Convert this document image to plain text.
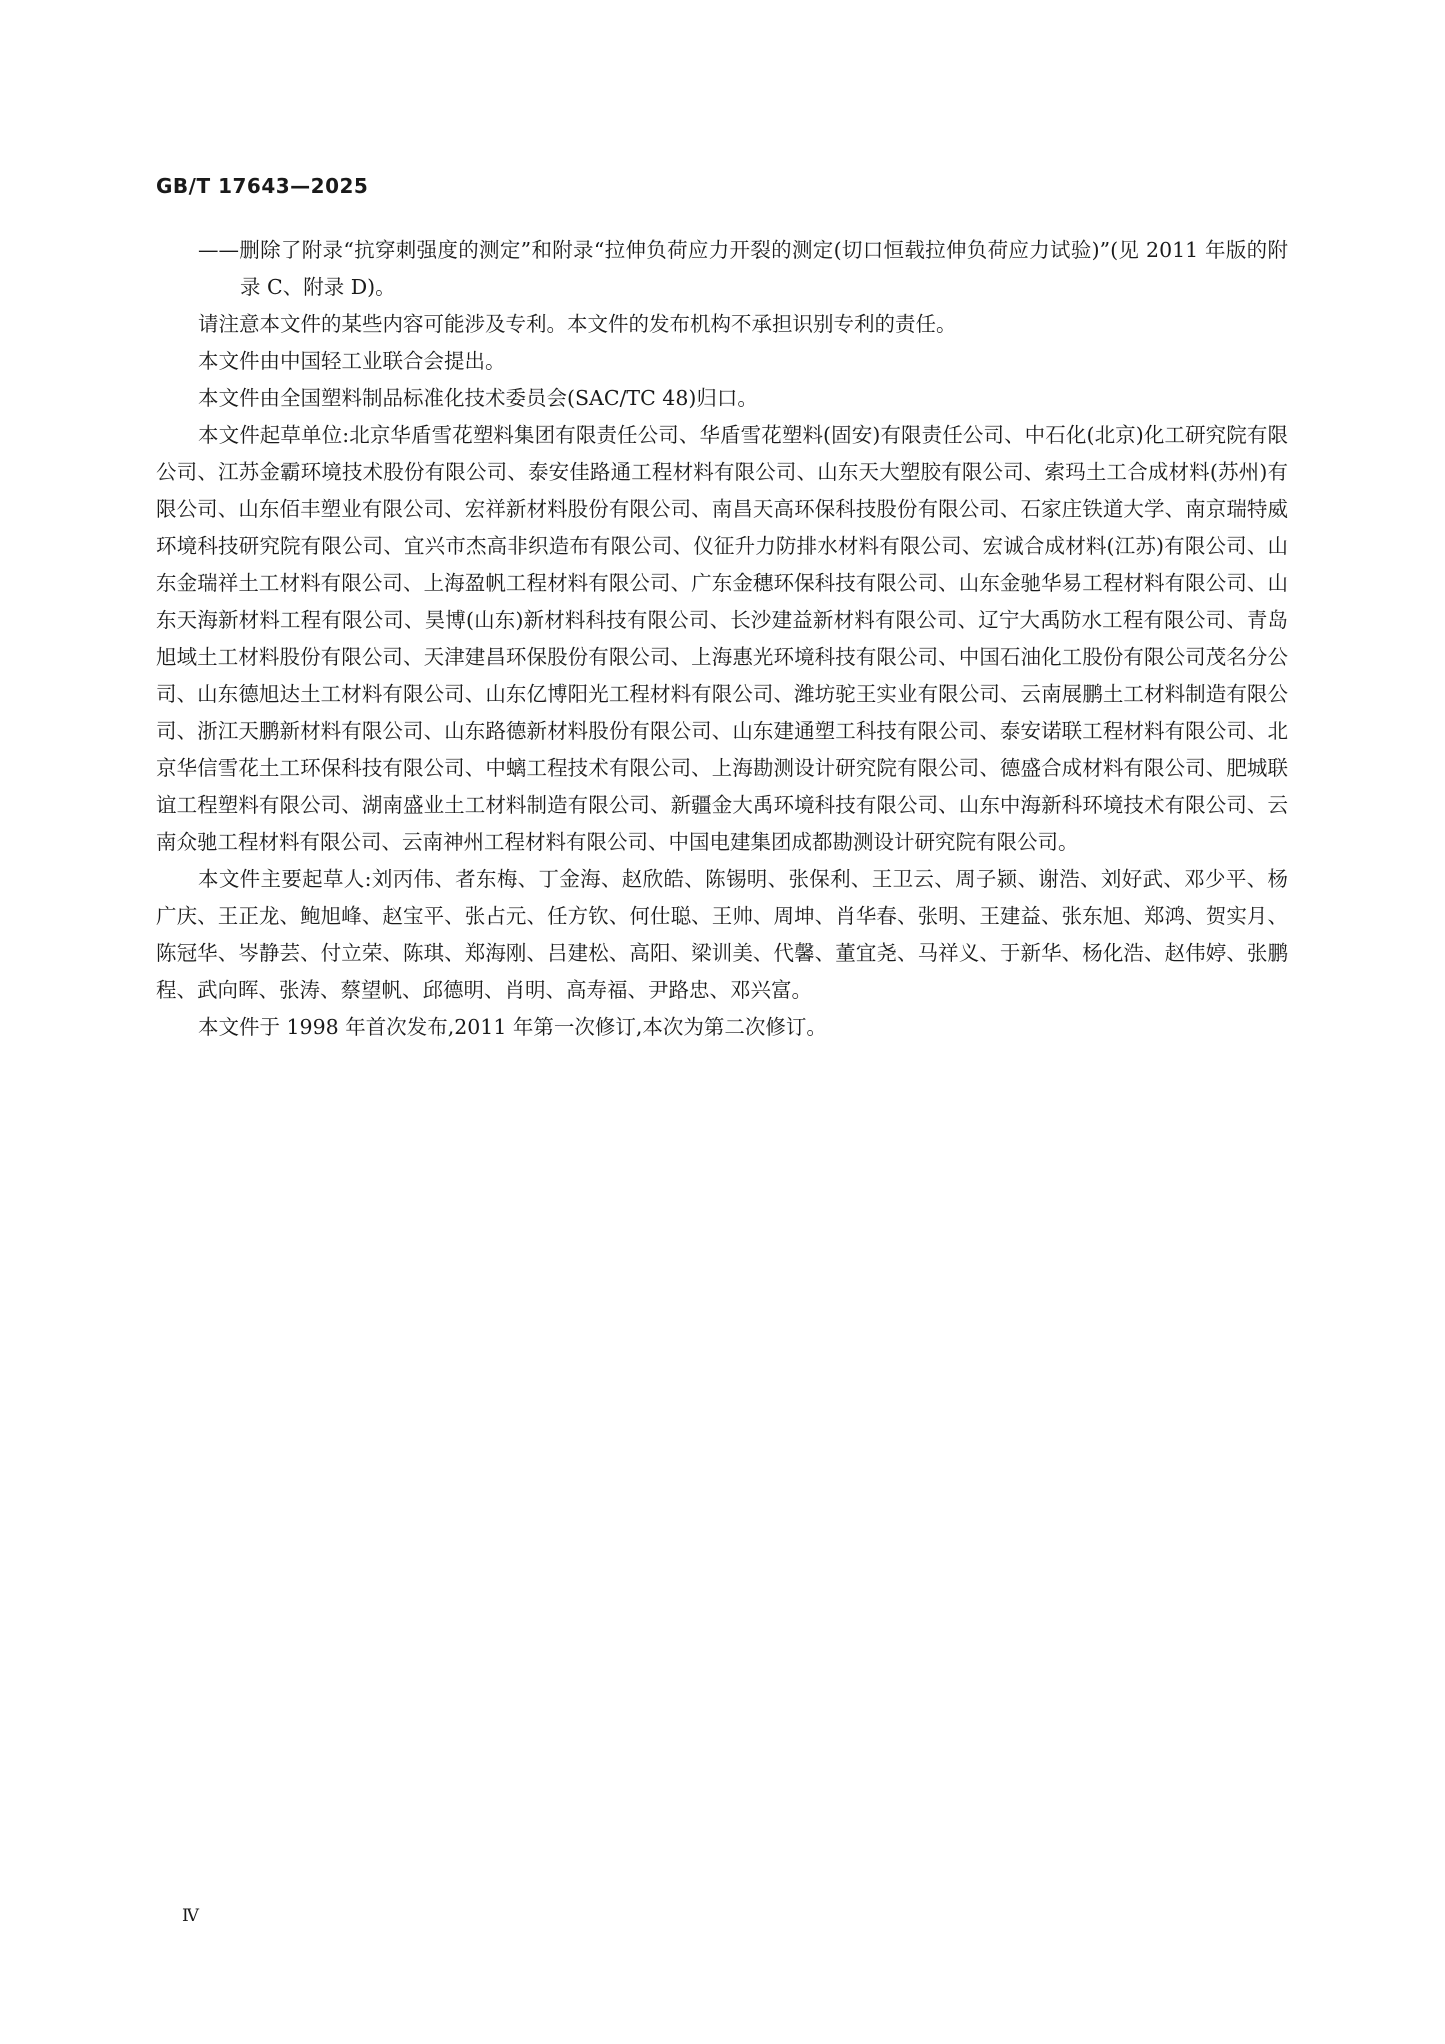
GB/T 17643—2025

——删除了附录“抗穿刺强度的测定”和附录“拉伸负荷应力开裂的测定(切口恒载拉伸负荷应力试验)”(见 2011 年版的附录 C、附录 D)。

请注意本文件的某些内容可能涉及专利。本文件的发布机构不承担识别专利的责任。

本文件由中国轻工业联合会提出。

本文件由全国塑料制品标准化技术委员会(SAC/TC 48)归口。

本文件起草单位:北京华盾雪花塑料集团有限责任公司、华盾雪花塑料(固安)有限责任公司、中石化(北京)化工研究院有限公司、江苏金霸环境技术股份有限公司、泰安佳路通工程材料有限公司、山东天大塑胶有限公司、索玛土工合成材料(苏州)有限公司、山东佰丰塑业有限公司、宏祥新材料股份有限公司、南昌天高环保科技股份有限公司、石家庄铁道大学、南京瑞特威环境科技研究院有限公司、宜兴市杰高非织造布有限公司、仪征升力防排水材料有限公司、宏诚合成材料(江苏)有限公司、山东金瑞祥土工材料有限公司、上海盈帆工程材料有限公司、广东金穗环保科技有限公司、山东金驰华易工程材料有限公司、山东天海新材料工程有限公司、昊博(山东)新材料科技有限公司、长沙建益新材料有限公司、辽宁大禹防水工程有限公司、青岛旭域土工材料股份有限公司、天津建昌环保股份有限公司、上海惠光环境科技有限公司、中国石油化工股份有限公司茂名分公司、山东德旭达土工材料有限公司、山东亿博阳光工程材料有限公司、潍坊驼王实业有限公司、云南展鹏土工材料制造有限公司、浙江天鹏新材料有限公司、山东路德新材料股份有限公司、山东建通塑工科技有限公司、泰安诺联工程材料有限公司、北京华信雪花土工环保科技有限公司、中螭工程技术有限公司、上海勘测设计研究院有限公司、德盛合成材料有限公司、肥城联谊工程塑料有限公司、湖南盛业土工材料制造有限公司、新疆金大禹环境科技有限公司、山东中海新科环境技术有限公司、云南众驰工程材料有限公司、云南神州工程材料有限公司、中国电建集团成都勘测设计研究院有限公司。

本文件主要起草人:刘丙伟、者东梅、丁金海、赵欣皓、陈锡明、张保利、王卫云、周子颍、谢浩、刘好武、邓少平、杨广庆、王正龙、鲍旭峰、赵宝平、张占元、任方钦、何仕聪、王帅、周坤、肖华春、张明、王建益、张东旭、郑鸿、贺实月、陈冠华、岑静芸、付立荣、陈琪、郑海刚、吕建松、高阳、梁训美、代馨、董宜尧、马祥义、于新华、杨化浩、赵伟婷、张鹏程、武向晖、张涛、蔡望帆、邱德明、肖明、高寿福、尹路忠、邓兴富。

本文件于 1998 年首次发布,2011 年第一次修订,本次为第二次修订。

Ⅳ
